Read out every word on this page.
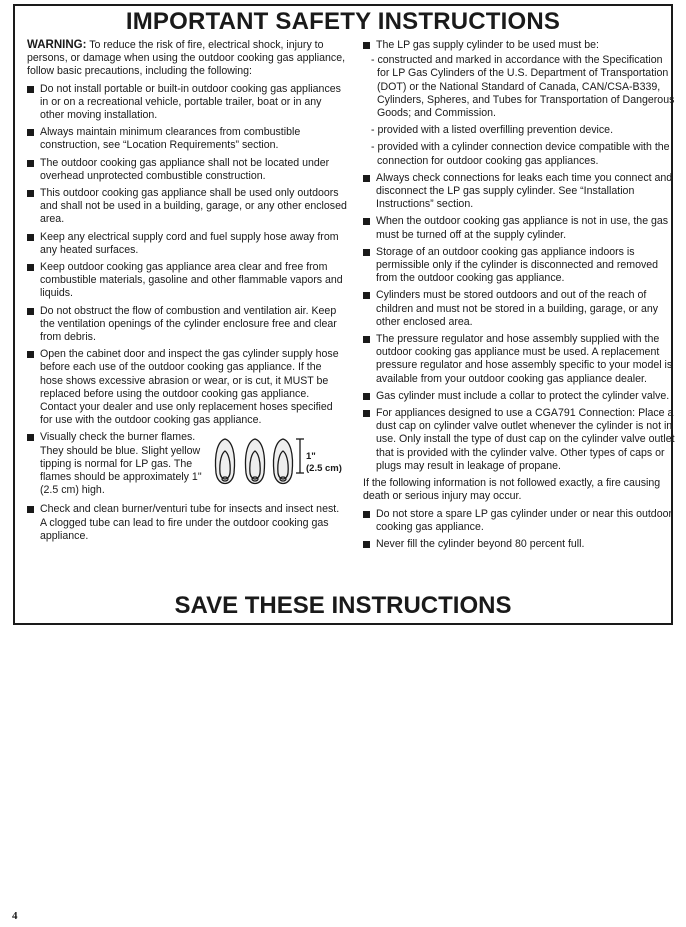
IMPORTANT SAFETY INSTRUCTIONS

WARNING: To reduce the risk of fire, electrical shock, injury to persons, or damage when using the outdoor cooking gas appliance, follow basic precautions, including the following:

Do not install portable or built-in outdoor cooking gas appliances in or on a recreational vehicle, portable trailer, boat or in any other moving installation.
Always maintain minimum clearances from combustible construction, see “Location Requirements” section.
The outdoor cooking gas appliance shall not be located under overhead unprotected combustible construction.
This outdoor cooking gas appliance shall be used only outdoors and shall not be used in a building, garage, or any other enclosed area.
Keep any electrical supply cord and fuel supply hose away from any heated surfaces.
Keep outdoor cooking gas appliance area clear and free from combustible materials, gasoline and other flammable vapors and liquids.
Do not obstruct the flow of combustion and ventilation air. Keep the ventilation openings of the cylinder enclosure free and clear from debris.
Open the cabinet door and inspect the gas cylinder supply hose before each use of the outdoor cooking gas appliance. If the hose shows excessive abrasion or wear, or is cut, it MUST be replaced before using the outdoor cooking gas appliance. Contact your dealer and use only replacement hoses specified for use with the outdoor cooking gas appliance.
Visually check the burner flames. They should be blue. Slight yellow tipping is normal for LP gas. The flames should be approximately 1" (2.5 cm) high.
1"
(2.5 cm)
Check and clean burner/venturi tube for insects and insect nest. A clogged tube can lead to fire under the outdoor cooking gas appliance.
The LP gas supply cylinder to be used must be:
- constructed and marked in accordance with the Specification for LP Gas Cylinders of the U.S. Department of Transportation (DOT) or the National Standard of Canada, CAN/CSA-B339, Cylinders, Spheres, and Tubes for Transportation of Dangerous Goods; and Commission.
- provided with a listed overfilling prevention device.
- provided with a cylinder connection device compatible with the connection for outdoor cooking gas appliances.
Always check connections for leaks each time you connect and disconnect the LP gas supply cylinder. See “Installation Instructions” section.
When the outdoor cooking gas appliance is not in use, the gas must be turned off at the supply cylinder.
Storage of an outdoor cooking gas appliance indoors is permissible only if the cylinder is disconnected and removed from the outdoor cooking gas appliance.
Cylinders must be stored outdoors and out of the reach of children and must not be stored in a building, garage, or any other enclosed area.
The pressure regulator and hose assembly supplied with the outdoor cooking gas appliance must be used. A replacement pressure regulator and hose assembly specific to your model is available from your outdoor cooking gas appliance dealer.
Gas cylinder must include a collar to protect the cylinder valve.
For appliances designed to use a CGA791 Connection: Place a dust cap on cylinder valve outlet whenever the cylinder is not in use. Only install the type of dust cap on the cylinder valve outlet that is provided with the cylinder valve. Other types of caps or plugs may result in leakage of propane.

If the following information is not followed exactly, a fire causing death or serious injury may occur.

Do not store a spare LP gas cylinder under or near this outdoor cooking gas appliance.
Never fill the cylinder beyond 80 percent full.
SAVE THESE INSTRUCTIONS
4
